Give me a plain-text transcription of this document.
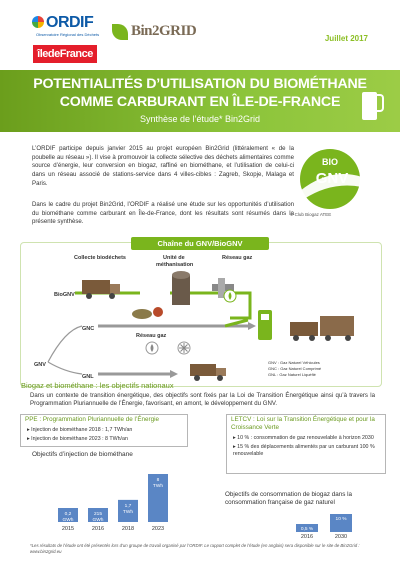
ORDIF
Observatoire Régional des Déchets
îledeFrance
Bin2GRID	Juillet 2017
POTENTIALITÉS D’UTILISATION DU BIOMÉTHANE
COMME CARBURANT EN ÎLE-DE-FRANCE
Synthèse de l’étude* Bin2Grid

L’ORDIF participe depuis janvier 2015 au projet européen Bin2Grid (littéralement « de la poubelle au réseau »). Il vise à promouvoir la collecte sélective des déchets alimentaires comme source d’énergie, leur conversion en biogaz, raffiné en biométhane, et l’utilisation de celui-ci dans un réseau associé de stations-service dans 4 villes-cibles : Zagreb, Skopje, Malaga et Paris.

Dans le cadre du projet Bin2Grid, l’ORDIF a réalisé une étude sur les opportunités d’utilisation du biométhane comme carburant en Île-de-France, dont les résultats sont résumés dans la présente synthèse.

BIO
GNV
© Club Biogaz ATEE
Collecte biodéchets	Unité de
méthanisation
Réseau gaz
BioGNV
GNV
GNC
GNL
Réseau gaz
GNV : Gaz Naturel Véhicules
GNC : Gaz Naturel Comprimé
GNL : Gaz Naturel Liquéfié
Chaîne du GNV/BioGNV
Biogaz et biométhane : les objectifs nationaux

Dans un contexte de transition énergétique, des objectifs sont fixés par la Loi de Transition Énergétique ainsi qu’à travers la Programmation Pluriannuelle de l’Énergie, favorisant, en amont, le développement du GNV.

PPE : Programmation Pluriannuelle de l’Énergie
▸ Injection de biométhane 2018 : 1,7 TWh/an
▸ Injection de biométhane 2023 : 8 TWh/an
LETCV : Loi sur la Transition Énergétique et pour la Croissance Verte
▸ 10 % : consommation de gaz renouvelable à horizon 2030
▸ 15 % des déplacements alimentés par un carburant 100 % renouvelable
Objectifs d’injection de biométhane
0,2
GWh
2015
215
GWh
2016
1,7
TWh
2018
8
TWh
2023
Objectifs de consommation de biogaz dans la consommation française de gaz naturel
0,5 %
2016
10 %
2030
*Les résultats de l’étude ont été présentés lors d’un groupe de travail organisé par l’ORDIF. Le rapport complet de l’étude (en anglais) sera disponible sur le site de Bin2Grid : www.bin2grid.eu
